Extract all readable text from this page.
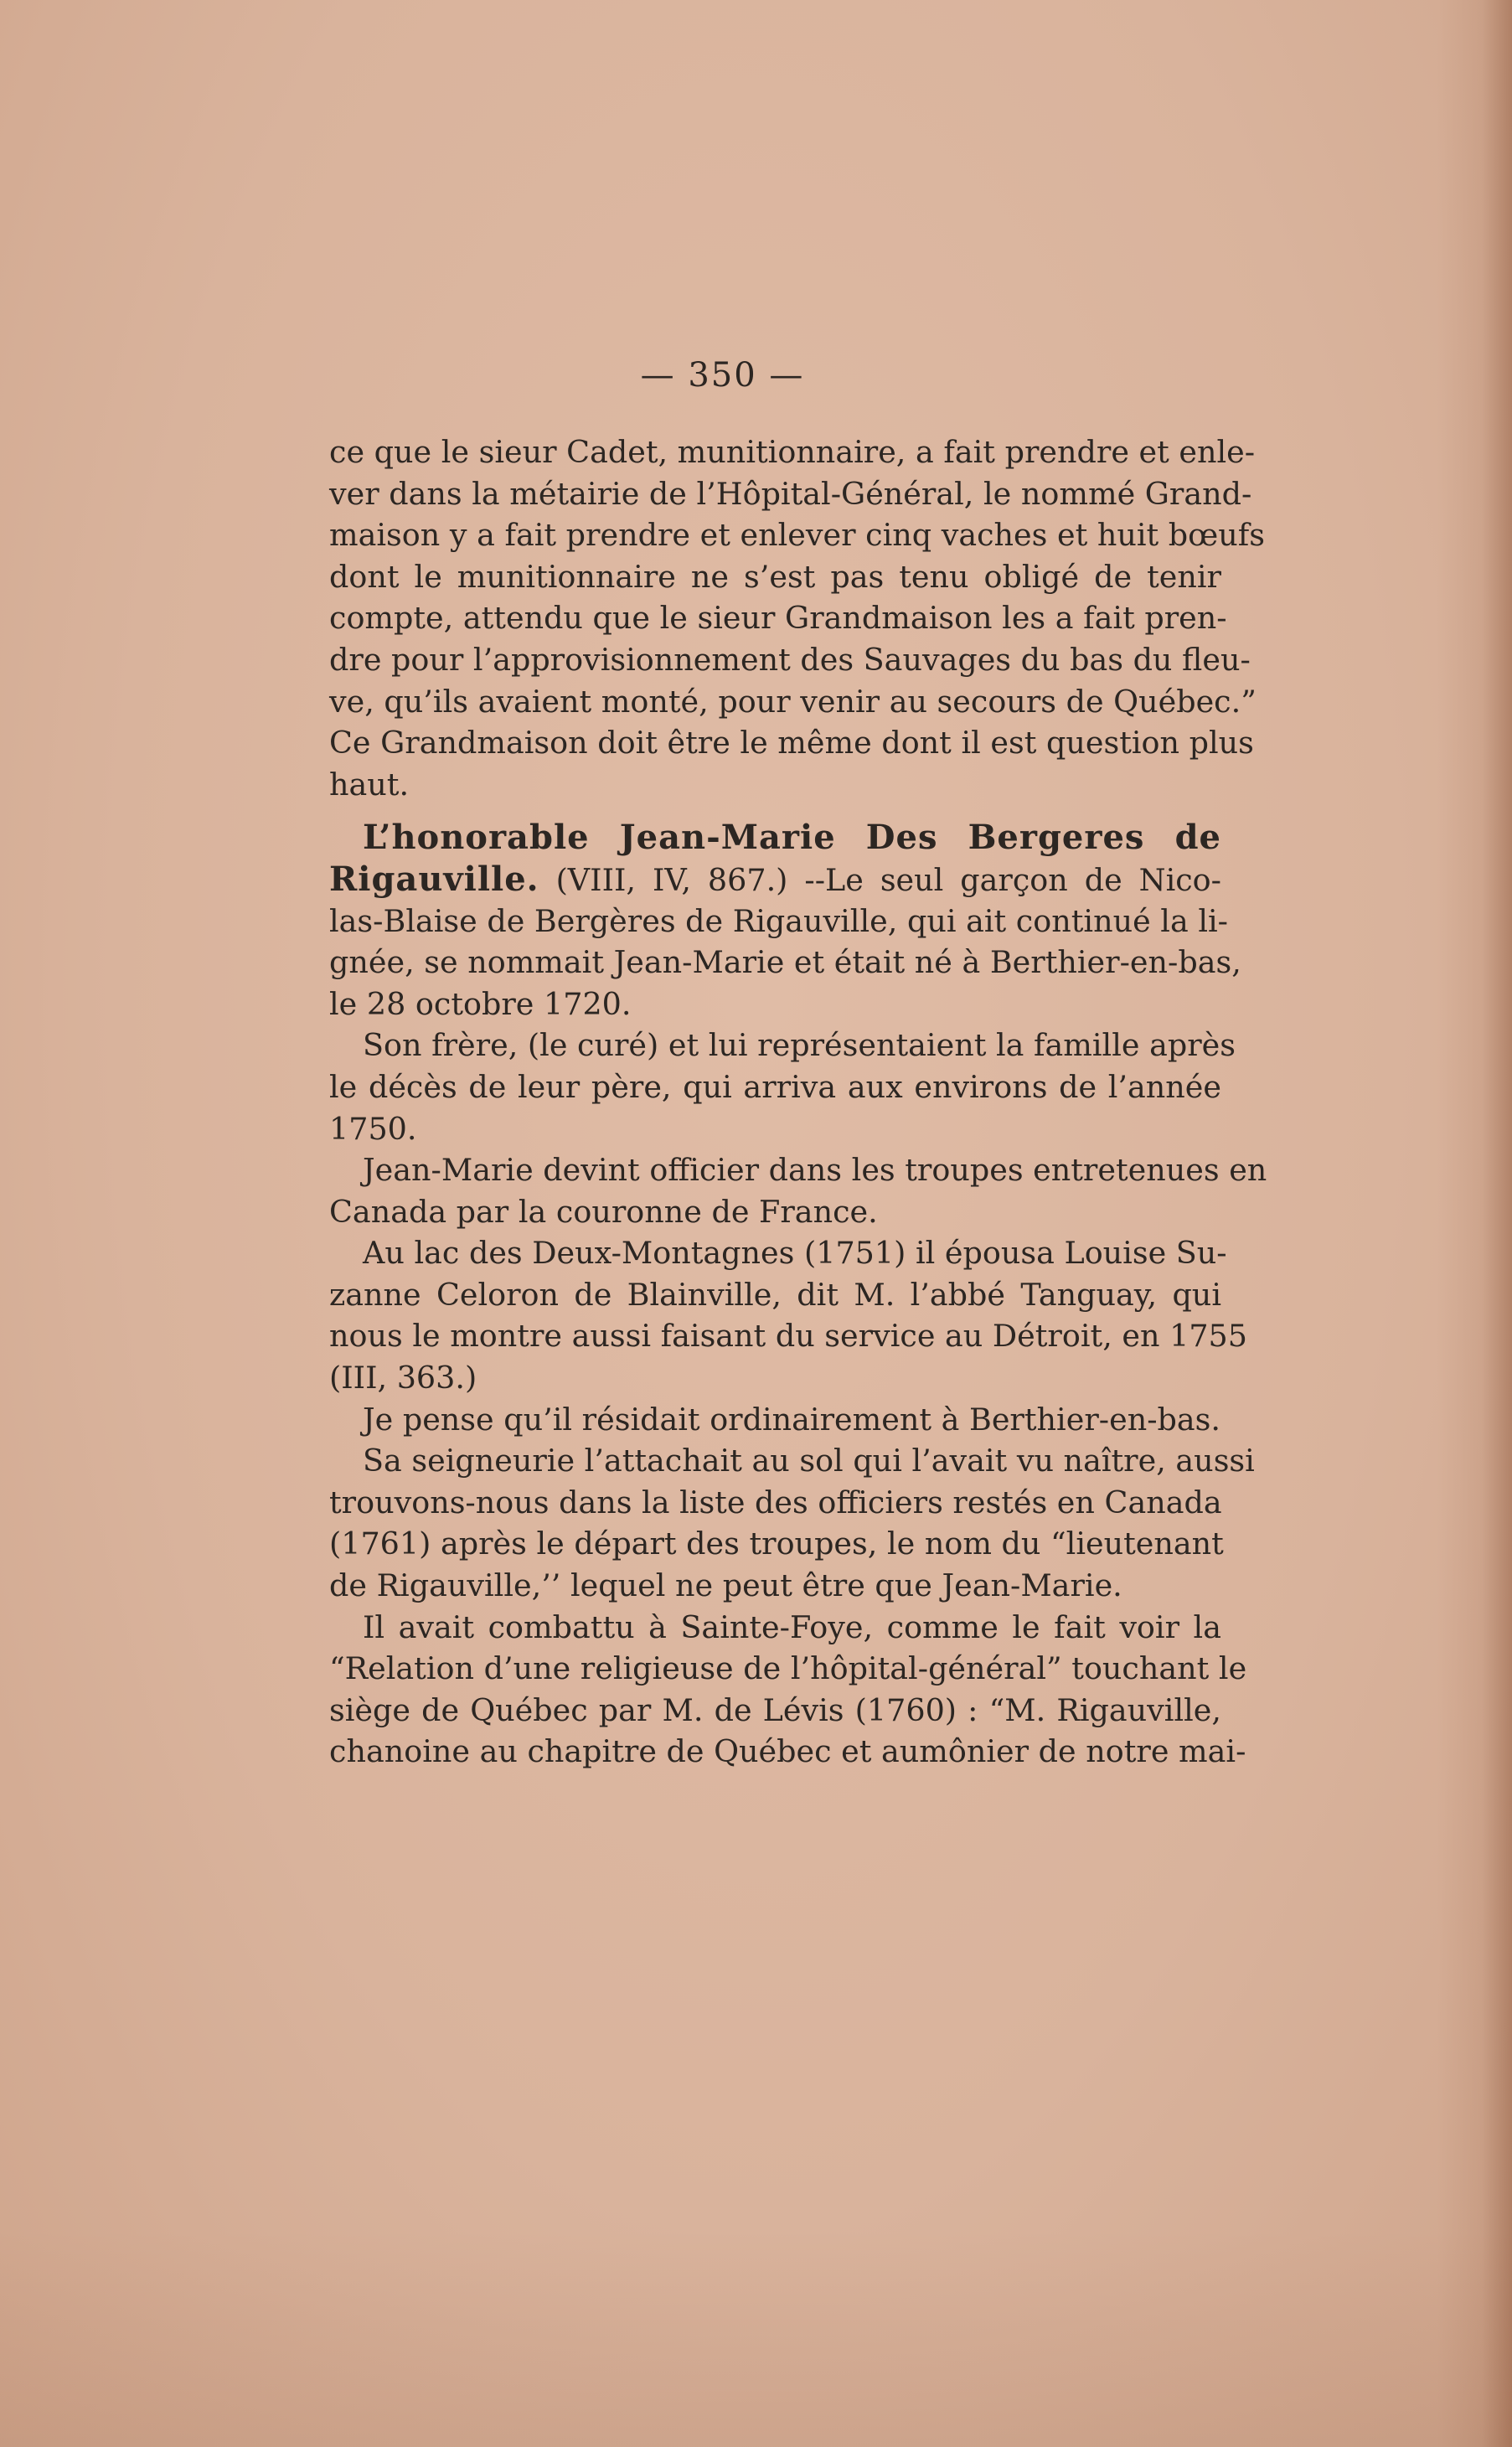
— 350 —
ce que le sieur Cadet, munitionnaire, a fait prendre et enle-
ver dans la métairie de l’Hôpital-Général, le nommé Grand-
maison y a fait prendre et enlever cinq vaches et huit bœufs
dont le munitionnaire ne s’est pas tenu obligé de tenir
compte, attendu que le sieur Grandmaison les a fait pren-
dre pour l’approvisionnement des Sauvages du bas du fleu-
ve, qu’ils avaient monté, pour venir au secours de Québec.”
Ce Grandmaison doit être le même dont il est question plus
haut.
L’honorable Jean-Marie Des Bergeres de
Rigauville. (VIII, IV, 867.) --Le seul garçon de Nico-
las-Blaise de Bergères de Rigauville, qui ait continué la li-
gnée, se nommait Jean-Marie et était né à Berthier-en-bas,
le 28 octobre 1720.
Son frère, (le curé) et lui représentaient la famille après
le décès de leur père, qui arriva aux environs de l’année
1750.
Jean-Marie devint officier dans les troupes entretenues en
Canada par la couronne de France.
Au lac des Deux-Montagnes (1751) il épousa Louise Su-
zanne Celoron de Blainville, dit M. l’abbé Tanguay, qui
nous le montre aussi faisant du service au Détroit, en 1755
(III, 363.)
Je pense qu’il résidait ordinairement à Berthier-en-bas.
Sa seigneurie l’attachait au sol qui l’avait vu naître, aussi
trouvons-nous dans la liste des officiers restés en Canada
(1761) après le départ des troupes, le nom du “lieutenant
de Rigauville,’’ lequel ne peut être que Jean-Marie.
Il avait combattu à Sainte-Foye, comme le fait voir la
“Relation d’une religieuse de l’hôpital-général” touchant le
siège de Québec par M. de Lévis (1760) : “M. Rigauville,
chanoine au chapitre de Québec et aumônier de notre mai-
